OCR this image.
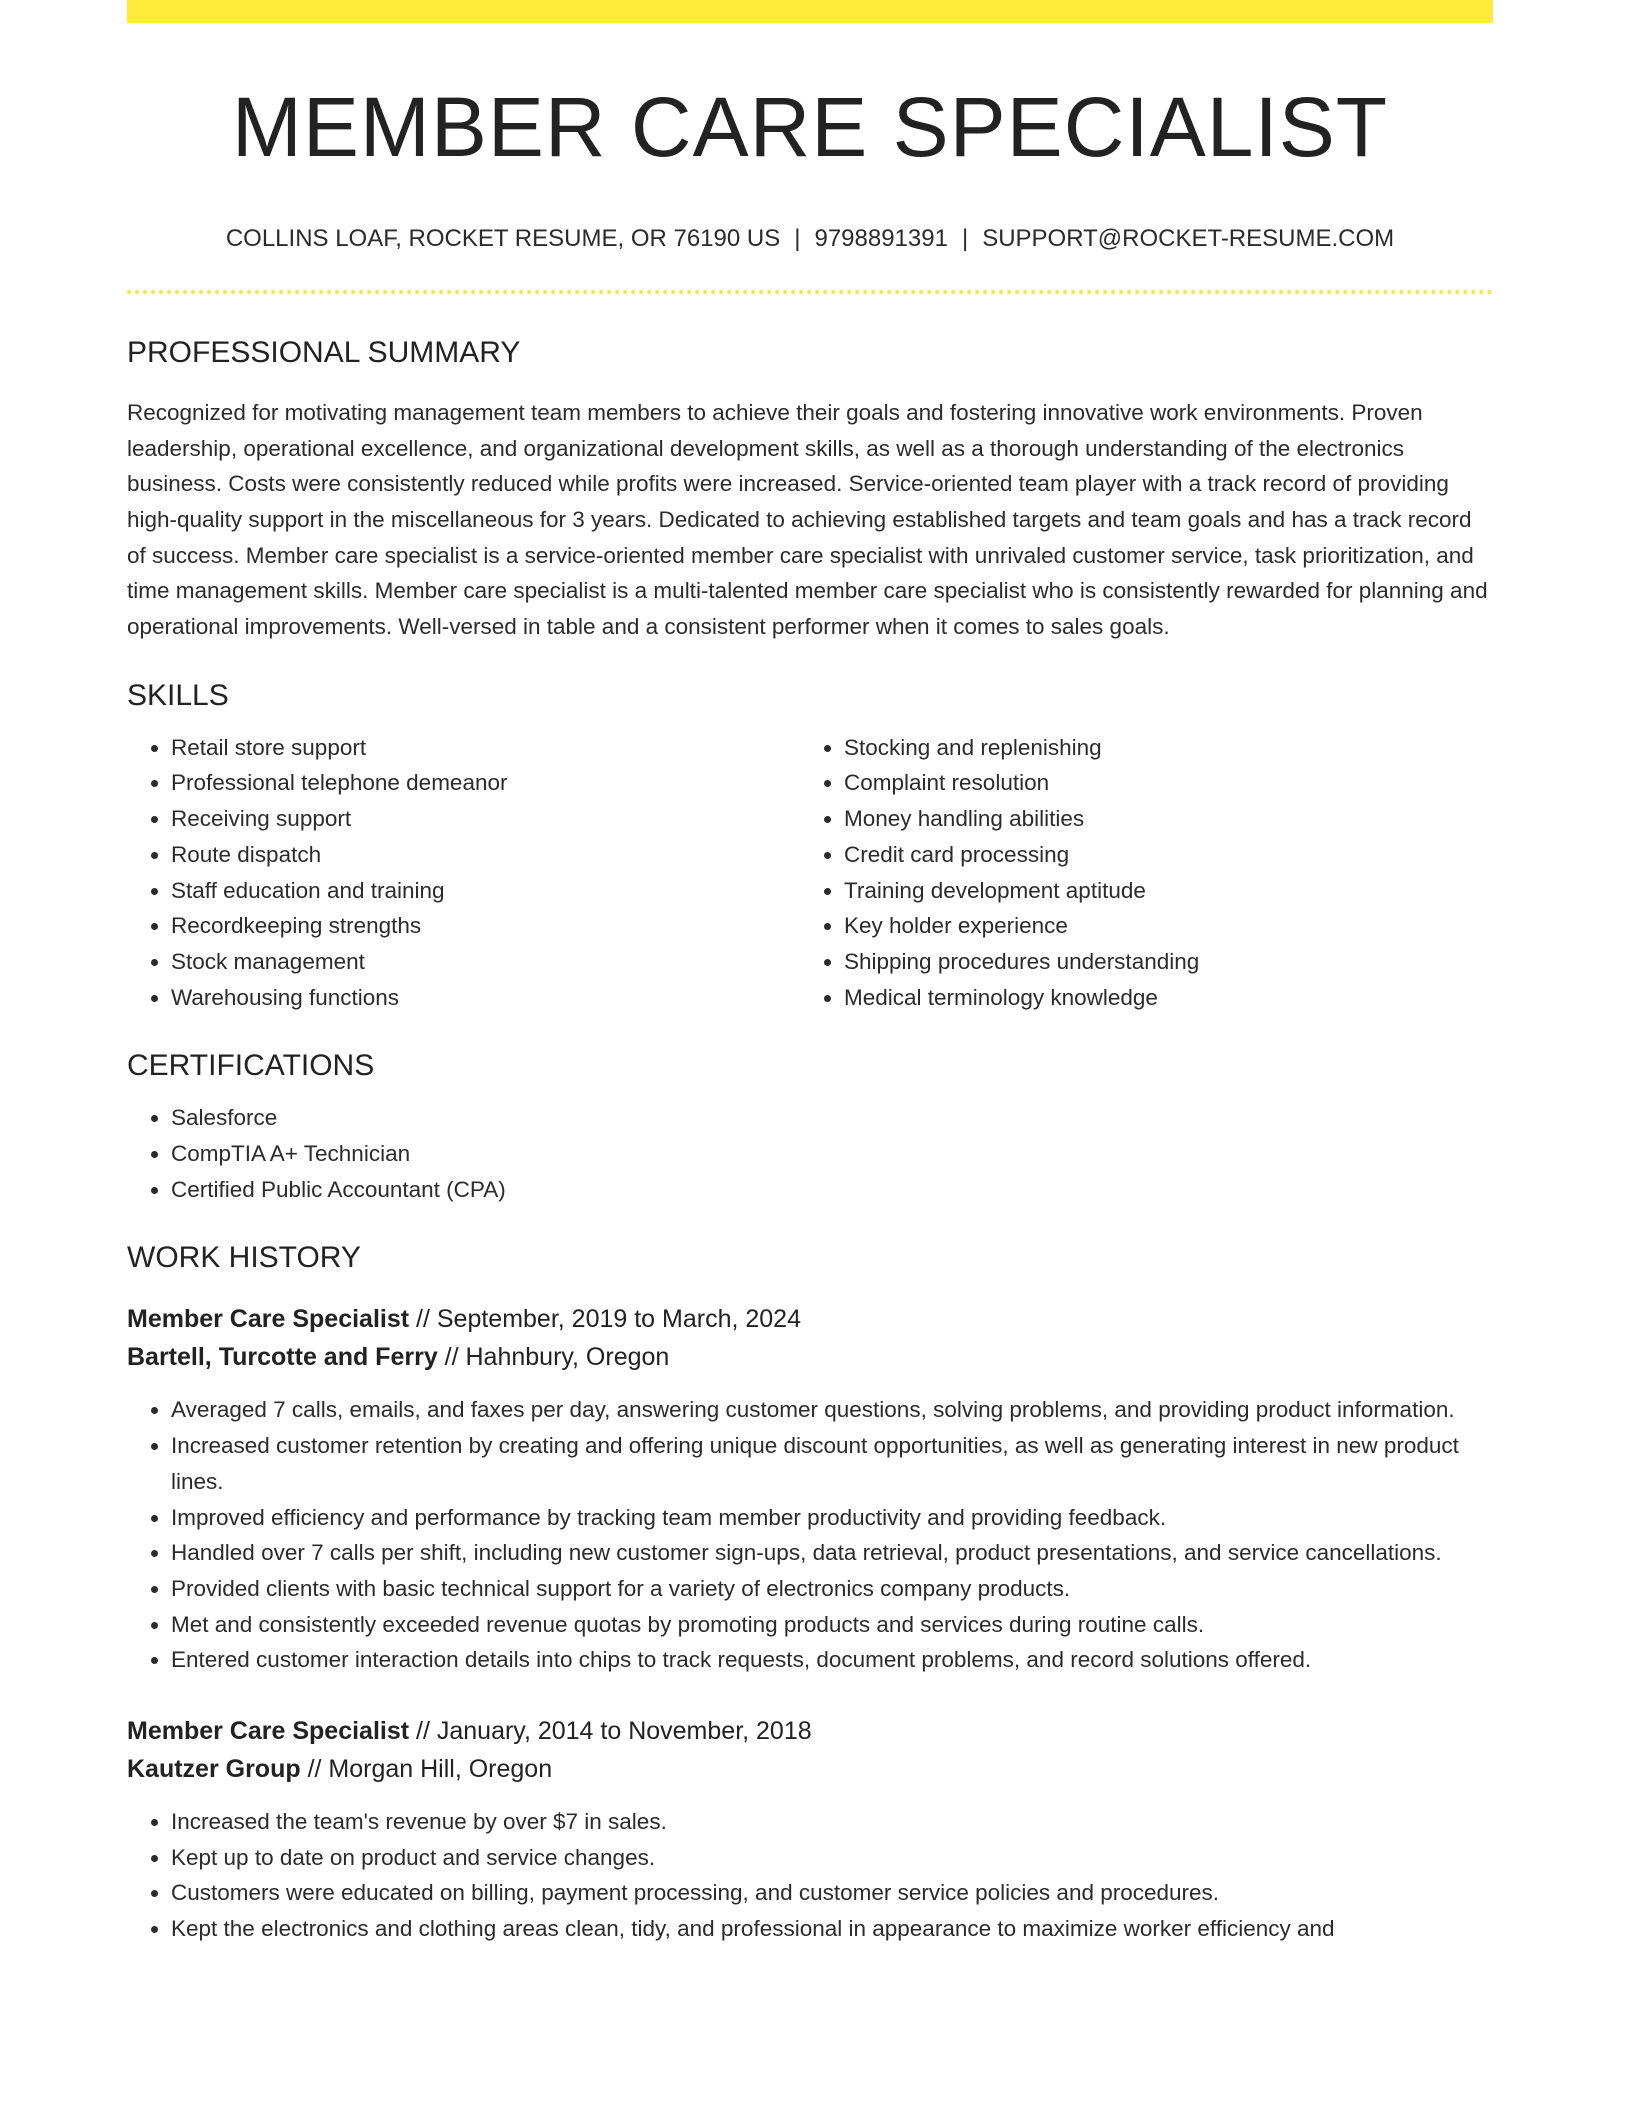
MEMBER CARE SPECIALIST
COLLINS LOAF, ROCKET RESUME, OR 76190 US | 9798891391 | SUPPORT@ROCKET-RESUME.COM
PROFESSIONAL SUMMARY
Recognized for motivating management team members to achieve their goals and fostering innovative work environments. Proven leadership, operational excellence, and organizational development skills, as well as a thorough understanding of the electronics business. Costs were consistently reduced while profits were increased. Service-oriented team player with a track record of providing high-quality support in the miscellaneous for 3 years. Dedicated to achieving established targets and team goals and has a track record of success. Member care specialist is a service-oriented member care specialist with unrivaled customer service, task prioritization, and time management skills. Member care specialist is a multi-talented member care specialist who is consistently rewarded for planning and operational improvements. Well-versed in table and a consistent performer when it comes to sales goals.
SKILLS
• Retail store support
• Professional telephone demeanor
• Receiving support
• Route dispatch
• Staff education and training
• Recordkeeping strengths
• Stock management
• Warehousing functions
• Stocking and replenishing
• Complaint resolution
• Money handling abilities
• Credit card processing
• Training development aptitude
• Key holder experience
• Shipping procedures understanding
• Medical terminology knowledge
CERTIFICATIONS
• Salesforce
• CompTIA A+ Technician
• Certified Public Accountant (CPA)
WORK HISTORY
Member Care Specialist // September, 2019 to March, 2024
Bartell, Turcotte and Ferry // Hahnbury, Oregon
• Averaged 7 calls, emails, and faxes per day, answering customer questions, solving problems, and providing product information.
• Increased customer retention by creating and offering unique discount opportunities, as well as generating interest in new product lines.
• Improved efficiency and performance by tracking team member productivity and providing feedback.
• Handled over 7 calls per shift, including new customer sign-ups, data retrieval, product presentations, and service cancellations.
• Provided clients with basic technical support for a variety of electronics company products.
• Met and consistently exceeded revenue quotas by promoting products and services during routine calls.
• Entered customer interaction details into chips to track requests, document problems, and record solutions offered.
Member Care Specialist // January, 2014 to November, 2018
Kautzer Group // Morgan Hill, Oregon
• Increased the team's revenue by over $7 in sales.
• Kept up to date on product and service changes.
• Customers were educated on billing, payment processing, and customer service policies and procedures.
• Kept the electronics and clothing areas clean, tidy, and professional in appearance to maximize worker efficiency and
